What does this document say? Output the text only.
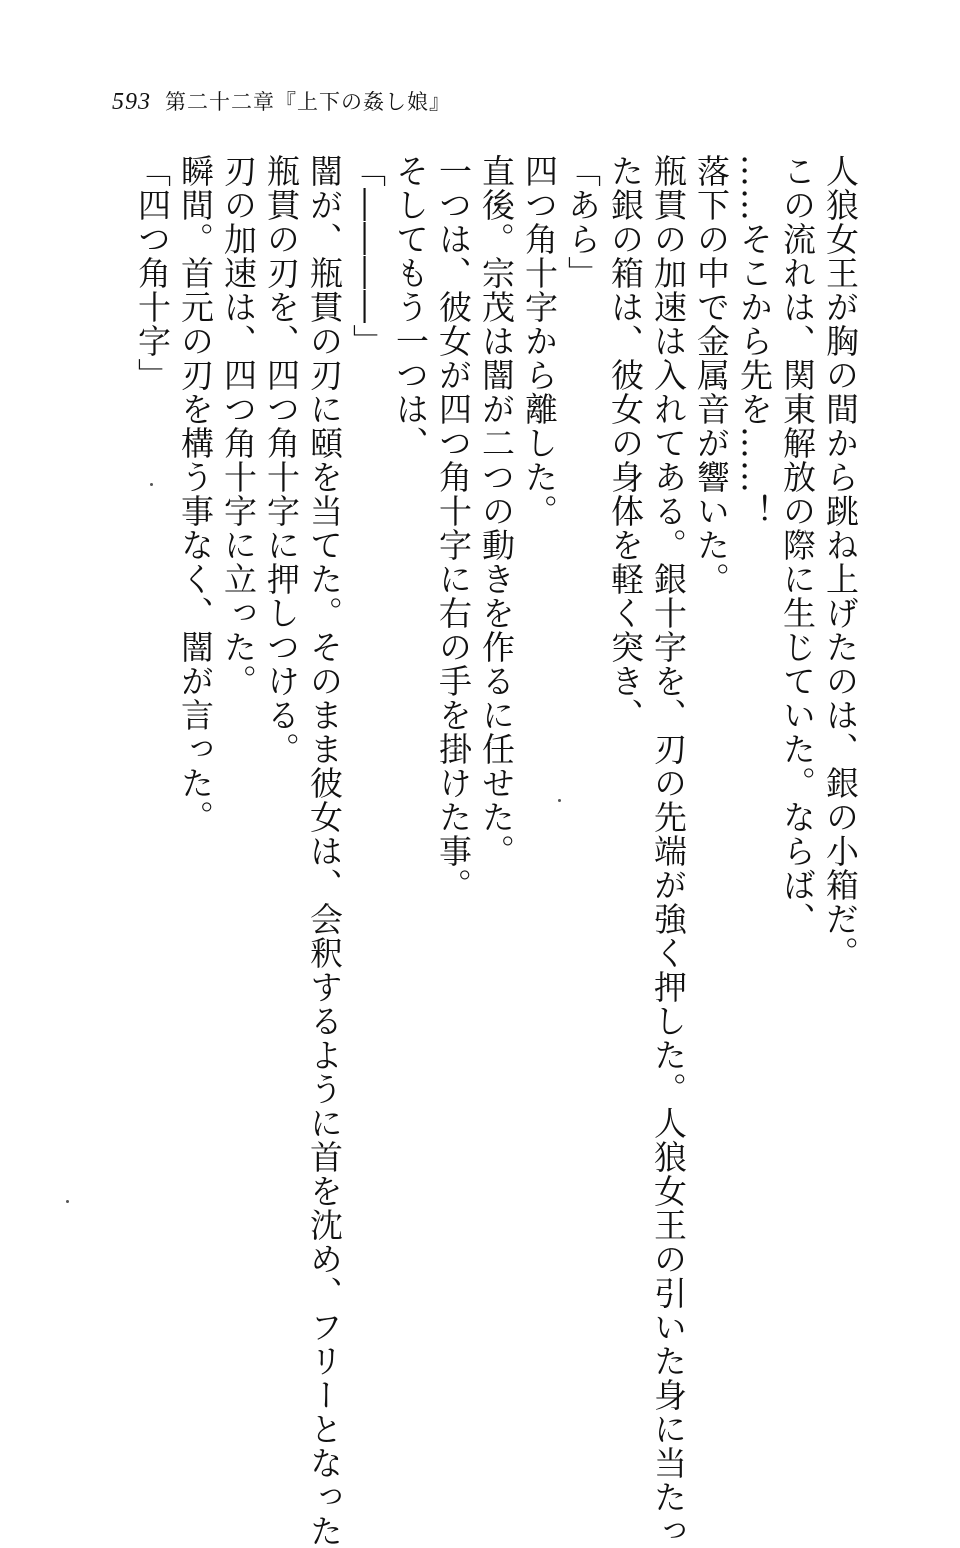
593 第二十二章『上下の姦し娘』
人狼女王が胸の間から跳ね上げたのは、銀の小箱だ。
この流れは、関東解放の際に生じていた。ならば、
……そこから先を……！
落下の中で金属音が響いた。
瓶貫の加速は入れてある。銀十字を、刃の先端が強く押した。人狼女王の引いた身に当たっ
た銀の箱は、彼女の身体を軽く突き、
「あら」
四つ角十字から離した。
直後。宗茂は闇が二つの動きを作るに任せた。
一つは、彼女が四つ角十字に右の手を掛けた事。
そしてもう一つは、
「――――」
闇が、瓶貫の刃に頤を当てた。そのまま彼女は、会釈するように首を沈め、フリーとなった
瓶貫の刃を、四つ角十字に押しつける。
刃の加速は、四つ角十字に立った。
瞬間。首元の刃を構う事なく、闇が言った。
「四つ角十字」
